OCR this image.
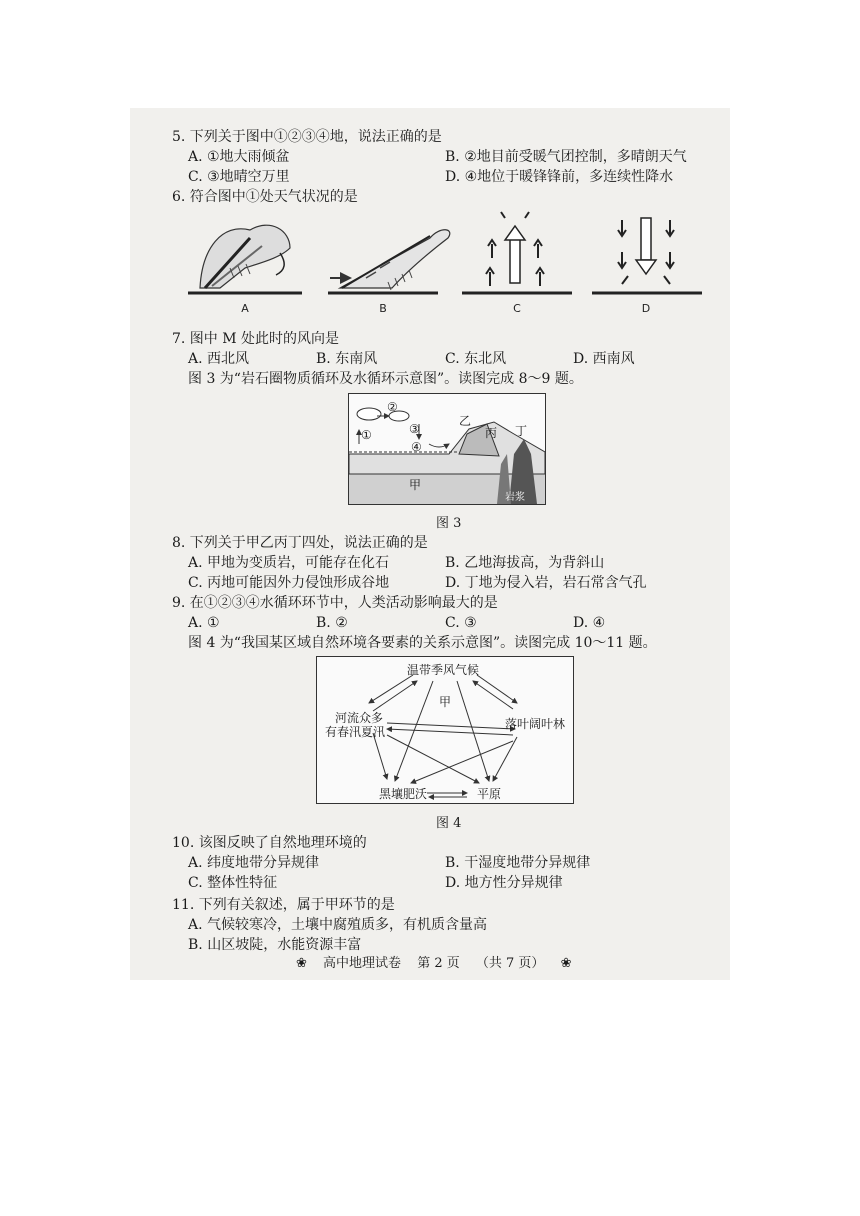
5. 下列关于图中①②③④地，说法正确的是
A. ①地大雨倾盆	B. ②地目前受暖气团控制，多晴朗天气
C. ③地晴空万里	D. ④地位于暖锋锋前，多连续性降水
6. 符合图中①处天气状况的是
A	B	C	D
7. 图中 M 处此时的风向是
A. 西北风	B. 东南风	C. 东北风	D. 西南风
图 3 为“岩石圈物质循环及水循环示意图”。读图完成 8～9 题。
①
②
③
④
甲
乙
丙 丁
岩浆
图 3
8. 下列关于甲乙丙丁四处，说法正确的是
A. 甲地为变质岩，可能存在化石	B. 乙地海拔高，为背斜山
C. 丙地可能因外力侵蚀形成谷地	D. 丁地为侵入岩，岩石常含气孔
9. 在①②③④水循环环节中，人类活动影响最大的是
A. ①	B. ②	C. ③	D. ④
图 4 为“我国某区域自然环境各要素的关系示意图”。读图完成 10～11 题。
温带季风气候
甲
河流众多
有春汛夏汛
落叶阔叶林
黑壤肥沃	平原
图 4
10. 该图反映了自然地理环境的
A. 纬度地带分异规律	B. 干湿度地带分异规律
C. 整体性特征	D. 地方性分异规律
11. 下列有关叙述，属于甲环节的是
A. 气候较寒冷，土壤中腐殖质多，有机质含量高
B. 山区坡陡，水能资源丰富
❀ 高中地理试卷 第 2 页 （共 7 页） ❀
